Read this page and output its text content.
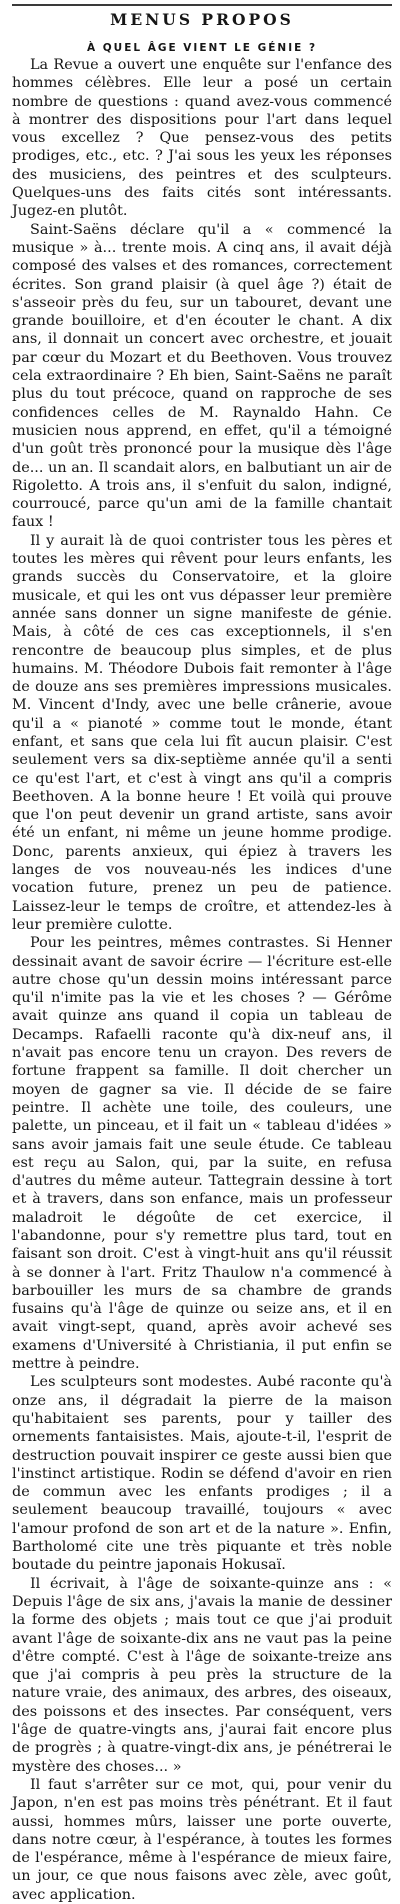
MENUS PROPOS
À QUEL ÂGE VIENT LE GÉNIE ?

La Revue a ouvert une enquête sur l'enfance des hommes célèbres. Elle leur a posé un certain nombre de questions : quand avez-vous commencé à montrer des dispositions pour l'art dans lequel vous excellez ? Que pensez-vous des petits prodiges, etc., etc. ? J'ai sous les yeux les réponses des musiciens, des peintres et des sculpteurs. Quelques-uns des faits cités sont intéressants. Jugez-en plutôt.

Saint-Saëns déclare qu'il a « commencé la musique » à... trente mois. A cinq ans, il avait déjà composé des valses et des romances, correctement écrites. Son grand plaisir (à quel âge ?) était de s'asseoir près du feu, sur un tabouret, devant une grande bouilloire, et d'en écouter le chant. A dix ans, il donnait un concert avec orchestre, et jouait par cœur du Mozart et du Beethoven. Vous trouvez cela extraordinaire ? Eh bien, Saint-Saëns ne paraît plus du tout précoce, quand on rapproche de ses confidences celles de M. Raynaldo Hahn. Ce musicien nous apprend, en effet, qu'il a témoigné d'un goût très prononcé pour la musique dès l'âge de... un an. Il scandait alors, en balbutiant un air de Rigoletto. A trois ans, il s'enfuit du salon, indigné, courroucé, parce qu'un ami de la famille chantait faux !

Il y aurait là de quoi contrister tous les pères et toutes les mères qui rêvent pour leurs enfants, les grands succès du Conservatoire, et la gloire musicale, et qui les ont vus dépasser leur première année sans donner un signe manifeste de génie. Mais, à côté de ces cas exceptionnels, il s'en rencontre de beaucoup plus simples, et de plus humains. M. Théodore Dubois fait remonter à l'âge de douze ans ses premières impressions musicales. M. Vincent d'Indy, avec une belle crânerie, avoue qu'il a « pianoté » comme tout le monde, étant enfant, et sans que cela lui fît aucun plaisir. C'est seulement vers sa dix-septième année qu'il a senti ce qu'est l'art, et c'est à vingt ans qu'il a compris Beethoven. A la bonne heure ! Et voilà qui prouve que l'on peut devenir un grand artiste, sans avoir été un enfant, ni même un jeune homme prodige. Donc, parents anxieux, qui épiez à travers les langes de vos nouveau-nés les indices d'une vocation future, prenez un peu de patience. Laissez-leur le temps de croître, et attendez-les à leur première culotte.

Pour les peintres, mêmes contrastes. Si Henner dessinait avant de savoir écrire — l'écriture est-elle autre chose qu'un dessin moins intéressant parce qu'il n'imite pas la vie et les choses ? — Gérôme avait quinze ans quand il copia un tableau de Decamps. Rafaelli raconte qu'à dix-neuf ans, il n'avait pas encore tenu un crayon. Des revers de fortune frappent sa famille. Il doit chercher un moyen de gagner sa vie. Il décide de se faire peintre. Il achète une toile, des couleurs, une palette, un pinceau, et il fait un « tableau d'idées » sans avoir jamais fait une seule étude. Ce tableau est reçu au Salon, qui, par la suite, en refusa d'autres du même auteur. Tattegrain dessine à tort et à travers, dans son enfance, mais un professeur maladroit le dégoûte de cet exercice, il l'abandonne, pour s'y remettre plus tard, tout en faisant son droit. C'est à vingt-huit ans qu'il réussit à se donner à l'art. Fritz Thaulow n'a commencé à barbouiller les murs de sa chambre de grands fusains qu'à l'âge de quinze ou seize ans, et il en avait vingt-sept, quand, après avoir achevé ses examens d'Université à Christiania, il put enfin se mettre à peindre.

Les sculpteurs sont modestes. Aubé raconte qu'à onze ans, il dégradait la pierre de la maison qu'habitaient ses parents, pour y tailler des ornements fantaisistes. Mais, ajoute-t-il, l'esprit de destruction pouvait inspirer ce geste aussi bien que l'instinct artistique. Rodin se défend d'avoir en rien de commun avec les enfants prodiges ; il a seulement beaucoup travaillé, toujours « avec l'amour profond de son art et de la nature ». Enfin, Bartholomé cite une très piquante et très noble boutade du peintre japonais Hokusaï.

Il écrivait, à l'âge de soixante-quinze ans : « Depuis l'âge de six ans, j'avais la manie de dessiner la forme des objets ; mais tout ce que j'ai produit avant l'âge de soixante-dix ans ne vaut pas la peine d'être compté. C'est à l'âge de soixante-treize ans que j'ai compris à peu près la structure de la nature vraie, des animaux, des arbres, des oiseaux, des poissons et des insectes. Par conséquent, vers l'âge de quatre-vingts ans, j'aurai fait encore plus de progrès ; à quatre-vingt-dix ans, je pénétrerai le mystère des choses... »

Il faut s'arrêter sur ce mot, qui, pour venir du Japon, n'en est pas moins très pénétrant. Et il faut aussi, hommes mûrs, laisser une porte ouverte, dans notre cœur, à l'espérance, à toutes les formes de l'espérance, même à l'espérance de mieux faire, un jour, ce que nous faisons avec zèle, avec goût, avec application.
